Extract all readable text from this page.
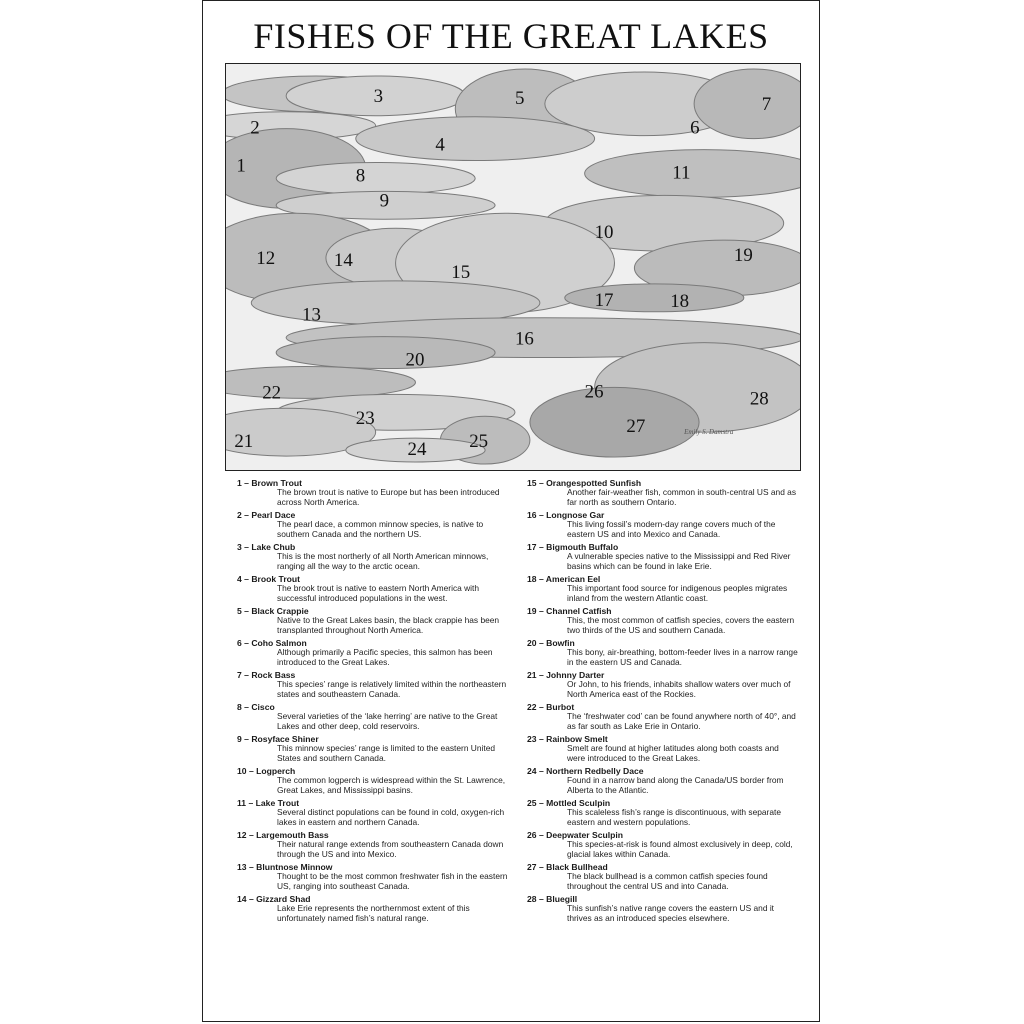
FISHES OF THE GREAT LAKES
3	5	7
2	6
4
1	8	11
9
10
12	14	19
15
17	18
13
16
20
22	26	28
23	27
25
21	24
Emily S. Damstra
1 – Brown Trout
The brown trout is native to Europe but has been introduced across North America.
2 – Pearl Dace
The pearl dace, a common minnow species, is native to southern Canada and the northern US.
3 – Lake Chub
This is the most northerly of all North American minnows, ranging all the way to the arctic ocean.
4 – Brook Trout
The brook trout is native to eastern North America with successful introduced populations in the west.
5 – Black Crappie
Native to the Great Lakes basin, the black crappie has been transplanted throughout North America.
6 – Coho Salmon
Although primarily a Pacific species, this salmon has been introduced to the Great Lakes.
7 – Rock Bass
This species’ range is relatively limited within the northeastern states and southeastern Canada.
8 – Cisco
Several varieties of the ‘lake herring’ are native to the Great Lakes and other deep, cold reservoirs.
9 – Rosyface Shiner
This minnow species’ range is limited to the eastern United States and southern Canada.
10 – Logperch
The common logperch is widespread within the St. Lawrence, Great Lakes, and Mississippi basins.
11 – Lake Trout
Several distinct populations can be found in cold, oxygen-rich lakes in eastern and northern Canada.
12 – Largemouth Bass
Their natural range extends from southeastern Canada down through the US and into Mexico.
13 – Bluntnose Minnow
Thought to be the most common freshwater fish in the eastern US, ranging into southeast Canada.
14 – Gizzard Shad
Lake Erie represents the northernmost extent of this unfortunately named fish’s natural range.
15 – Orangespotted Sunfish
Another fair-weather fish, common in south-central US and as far north as southern Ontario.
16 – Longnose Gar
This living fossil’s modern-day range covers much of the eastern US and into Mexico and Canada.
17 – Bigmouth Buffalo
A vulnerable species native to the Mississippi and Red River basins which can be found in lake Erie.
18 – American Eel
This important food source for indigenous peoples migrates inland from the western Atlantic coast.
19 – Channel Catfish
This, the most common of catfish species, covers the eastern two thirds of the US and southern Canada.
20 – Bowfin
This bony, air-breathing, bottom-feeder lives in a narrow range in the eastern US and Canada.
21 – Johnny Darter
Or John, to his friends, inhabits shallow waters over much of North America east of the Rockies.
22 – Burbot
The ‘freshwater cod’ can be found anywhere north of 40°, and as far south as Lake Erie in Ontario.
23 – Rainbow Smelt
Smelt are found at higher latitudes along both coasts and were introduced to the Great Lakes.
24 – Northern Redbelly Dace
Found in a narrow band along the Canada/US border from Alberta to the Atlantic.
25 – Mottled Sculpin
This scaleless fish’s range is discontinuous, with separate eastern and western populations.
26 – Deepwater Sculpin
This species-at-risk is found almost exclusively in deep, cold, glacial lakes within Canada.
27 – Black Bullhead
The black bullhead is a common catfish species found throughout the central US and into Canada.
28 – Bluegill
This sunfish’s native range covers the eastern US and it thrives as an introduced species elsewhere.
